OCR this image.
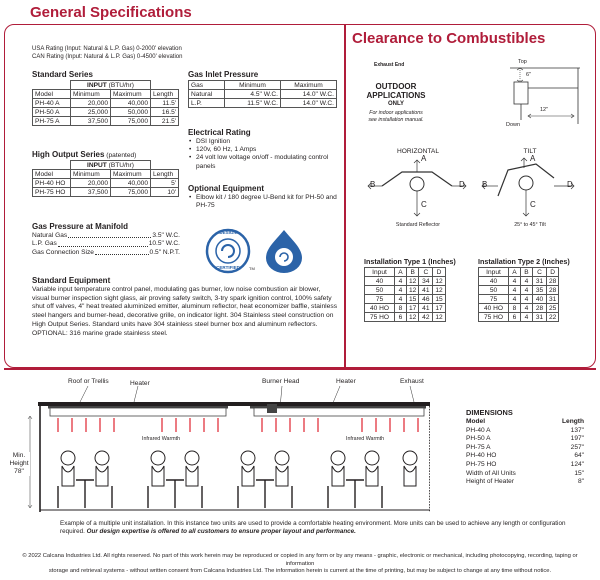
General Specifications
USA Rating (Input: Natural & L.P. Gas) 0-2000' elevation
CAN Rating (Input: Natural & L.P. Gas) 0-4500' elevation
Standard Series
	INPUT (BTU/hr)		
Model	Minimum	Maximum	Length
PH-40 A	20,000	40,000	11.5'
PH-50 A	25,000	50,000	16.5'
PH-75 A	37,500	75,000	21.5'
High Output Series (patented)
	INPUT (BTU/hr)		
Model	Minimum	Maximum	Length
PH-40 HO	20,000	40,000	5'
PH-75 HO	37,500	75,000	10'
Gas Pressure at Manifold
Natural Gas	3.5" W.C.
L.P. Gas	10.5" W.C.
Gas Connection Size	0.5" N.P.T.
Gas Inlet Pressure
Gas	Minimum	Maximum
Natural	4.5" W.C.	14.0" W.C.
L.P.	11.5" W.C.	14.0" W.C.
Electrical Rating
• DSI Ignition
• 120v, 60 Hz, 1 Amps
• 24 volt low voltage on/off - modulating control panels
Optional Equipment
• Elbow kit / 180 degree U-Bend kit for PH-50 and PH-75
DESIGN
CERTIFIED	TM
Standard Equipment
Variable input temperature control panel, modulating gas burner, low noise combustion air blower, visual burner inspection sight glass, air proving safety switch, 3-try spark ignition control, 100% safety shut off valves, 4" heat treated aluminized emitter, aluminum reflector, heat economizer baffle, stainless steel hangers and burner-head, decorative grille, on indicator light. 304 Stainless steel construction on High Output Series. Standard units have 304 stainless steel burner box and aluminum reflectors.  OPTIONAL: 316 marine grade stainless steel.
Clearance to Combustibles
Exhaust End
OUTDOOR
APPLICATIONS
ONLY
For indoor applications
see installation manual.
Top
6"
12"
Down
HORIZONTAL
A
B	D
C
Standard Reflector
TILT
A
B	D
C
25° to 45° Tilt
Installation Type 1 (Inches)
Input	A	B	C	D
40	4	12	34	12
50	4	12	41	12
75	4	15	46	15
40 HO	8	17	41	17
75 HO	6	12	42	12
Installation Type 2 (Inches)
Input	A	B	C	D
40	4	4	31	28
50	4	4	35	28
75	4	4	40	31
40 HO	8	4	28	25
75 HO	6	4	31	22
Roof or Trellis	Heater	Burner Head	Heater	Exhaust
Infrared Warmth	Infrared Warmth
Min.
Height
78"
DIMENSIONS
Model	Length
PH-40 A	137"
PH-50 A	197"
PH-75 A	257"
PH-40 HO	64"
PH-75 HO	124"
Width of All Units	15"
Height of Heater	8"
Example of a multiple unit installation. In this instance two units are used to provide a comfortable heating environment. More units can be used to achieve any length or configuration required. Our design expertise is offered to all customers to ensure proper layout and performance.
© 2022 Calcana Industries Ltd. All rights reserved. No part of this work herein may be reproduced or copied in any form or by any means - graphic, electronic or mechanical, including photocopying, recording, taping or information
storage and retrieval systems - without written consent from Calcana Industries Ltd. The information herein is current at the time of printing, but may be subject to change at any time without notice.
